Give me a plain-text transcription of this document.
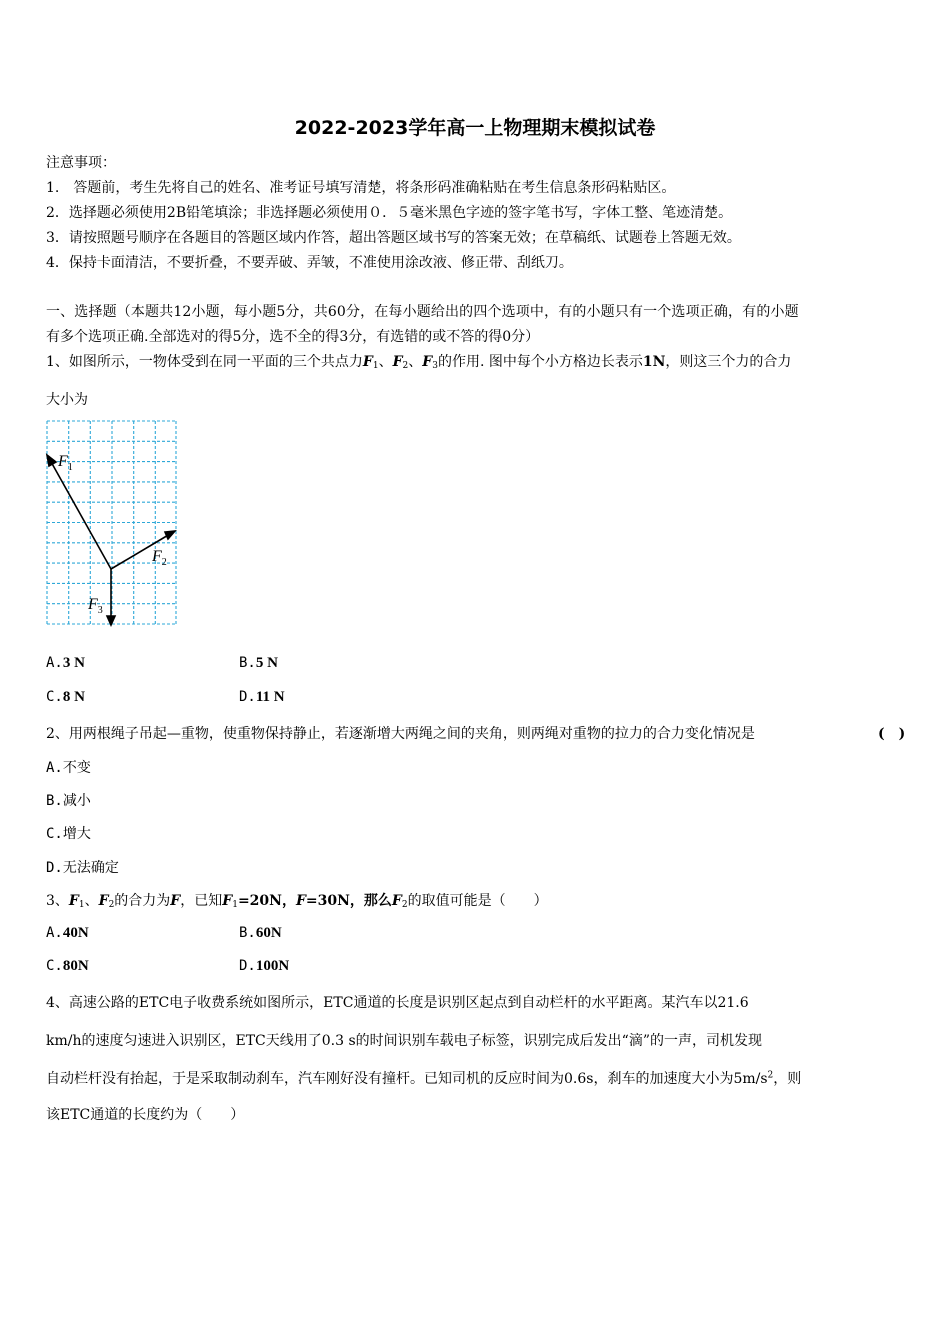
2022-2023学年高一上物理期末模拟试卷
注意事项：
1.　答题前，考生先将自己的姓名、准考证号填写清楚，将条形码准确粘贴在考生信息条形码粘贴区。
2．选择题必须使用2B铅笔填涂；非选择题必须使用０．５毫米黑色字迹的签字笔书写，字体工整、笔迹清楚。
3．请按照题号顺序在各题目的答题区域内作答，超出答题区域书写的答案无效；在草稿纸、试题卷上答题无效。
4．保持卡面清洁，不要折叠，不要弄破、弄皱，不准使用涂改液、修正带、刮纸刀。
一、选择题（本题共12小题，每小题5分，共60分，在每小题给出的四个选项中，有的小题只有一个选项正确，有的小题
有多个选项正确.全部选对的得5分，选不全的得3分，有选错的或不答的得0分）
1、如图所示，一物体受到在同一平面的三个共点力$F_1$、$F_2$、$F_3$的作用. 图中每个小方格边长表示1N，则这三个力的合力
大小为
$F_1$
$F_2$
$F_3$
A.3 N	B.5 N
C.8 N	D.11 N
2、用两根绳子吊起—重物，使重物保持静止，若逐渐增大两绳之间的夹角，则两绳对重物的拉力的合力变化情况是	(　)
A.不变
B.减小
C.增大
D.无法确定
3、$F_1$、$F_2$的合力为F，已知$F_1=20N$，F=30N，那么$F_2$的取值可能是（　　）
A.40N	B.60N
C.80N	D.100N
4、高速公路的ETC电子收费系统如图所示，ETC通道的长度是识别区起点到自动栏杆的水平距离。某汽车以21.6
km/h的速度匀速进入识别区，ETC天线用了0.3 s的时间识别车载电子标签，识别完成后发出“滴”的一声，司机发现
自动栏杆没有抬起，于是采取制动刹车，汽车刚好没有撞杆。已知司机的反应时间为0.6s，刹车的加速度大小为$5m/s^2$，则
该ETC通道的长度约为（　　）
